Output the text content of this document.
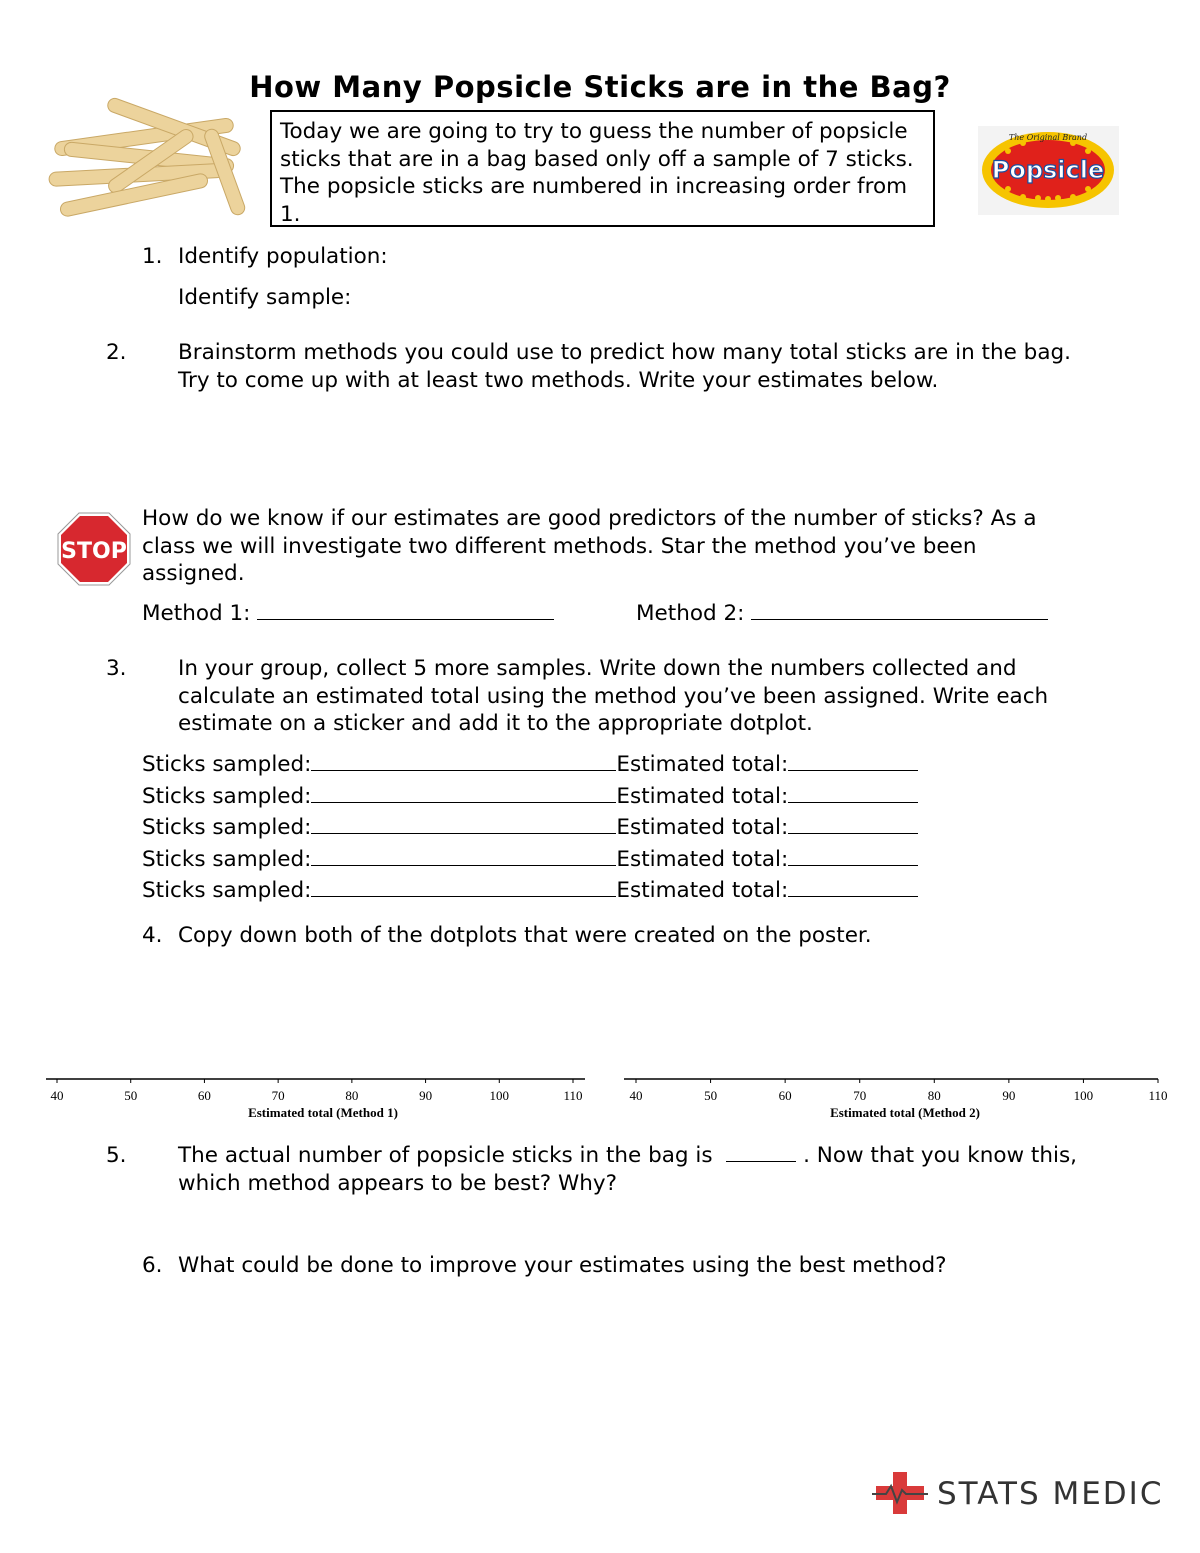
How Many Popsicle Sticks are in the Bag?
Today we are going to try to guess the number of popsicle sticks that are in a bag based only off a sample of 7 sticks. The popsicle sticks are numbered in increasing order from 1.
Popsicle
The Original Brand
1. Identify population:
Identify sample:
2. Brainstorm methods you could use to predict how many total sticks are in the bag. Try to come up with at least two methods. Write your estimates below.
STOP
How do we know if our estimates are good predictors of the number of sticks? As a class we will investigate two different methods. Star the method you’ve been assigned.
Method 1:	Method 2:
3. In your group, collect 5 more samples. Write down the numbers collected and calculate an estimated total using the method you’ve been assigned. Write each estimate on a sticker and add it to the appropriate dotplot.
Sticks sampled:	Estimated total:
Sticks sampled:	Estimated total:
Sticks sampled:	Estimated total:
Sticks sampled:	Estimated total:
Sticks sampled:	Estimated total:
4. Copy down both of the dotplots that were created on the poster.
40	50	60	70	80	90	100	110
Estimated total (Method 1)
40	50	60	70	80	90	100	110
Estimated total (Method 2)
5. The actual number of popsicle sticks in the bag is	. Now that you know this, which method appears to be best? Why?
6. What could be done to improve your estimates using the best method?
STATS MEDIC
